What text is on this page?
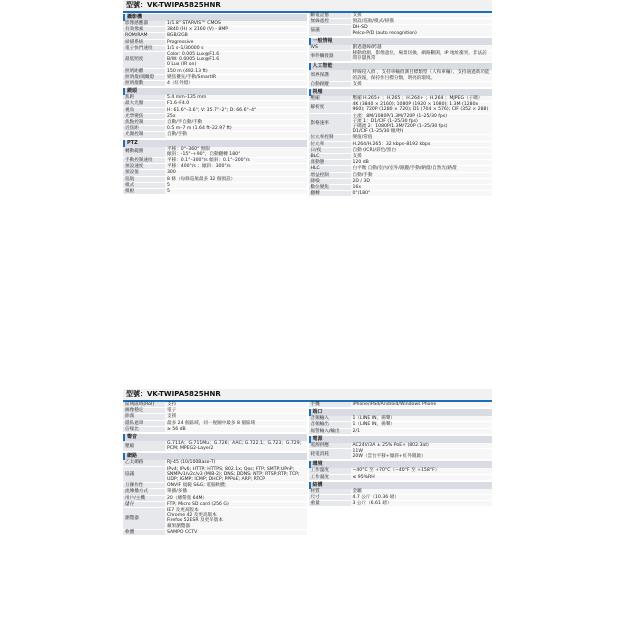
型號：VK-TWIPA5825HNR
攝影機
影像感應器	1/1.8" STARVIS™ CMOS
有效像素	3840 (H) × 2160 (V) - 8MP
ROM/RAM	8GB/2GB
掃描系統	Progressive
電子快門速度	1/1 s–1/30000 s
最低照度
Color: 0.005 Lux@F1.6
B/W: 0.0005 Lux@F1.6
0 Lux (IR on)
照明距離	150 m (492.13 ft)
照明燈/開關燈	變焦優先/手動/SmartIR
照明燈數	4（紅外燈）
鏡頭
焦距	5.4 mm–135 mm
最大光圈	F1.6–F4.0
視角	H: 61.6°–3.6°; V: 35.7°–2°; D: 66.6°–4°
光學變焦	25x
焦點控制	自動/半自動/手動
近焦距	0.5 m–7 m (1.64 ft–22.97 ft)
光圈控制	自動/手動
PTZ
轉動範圍
平移：0°–360° 無限
傾斜：-15°–+90°，自動翻轉 180°
手動控制速度	平移：0.1°–300°/s 傾斜：0.1°–200°/s
預設速度	平移：400°/s ；傾斜：300°/s
預設值	300
巡航	8 條（每條巡航最多 32 個預設）
模式	5
模板	5
斷電記憶	支援
無線遙控	預設/巡航/模式/掃描
協議
DH-SD
Pelco-P/D (auto recognition)
一般情報
IVS	劃過邊線/跨越
事件觸發器
移動偵測，影像遮位，場景切換，網路斷開，IP 地址衝突，非法訪問存儲異常
人工智能
周界保護
絆線侵入偵 ，支持車輛偵測目標類型（人和車輛），支持通過新功能的誤報，保持作目標分類，明亮的環境。
自動跟蹤	支援
視頻
壓縮	壓縮 H.265+ ；H.265 ；H.264+ ；H.264 ；MJPEG（子碼）
解析度
4K (3840 × 2160); 1080P (1920 × 1080); 1.3M (1280x 960); 720P (1280 × 720); D1 (704 × 576); CIF (352 × 288)
影格速率
主流：8M/1080P/1.3M/720P (1–25/30 fps)
子流 1：D1/CIF (1–25/30 fps)
子碼流 2：1080P/1.3M/720P (1–25/30 fps)
D1/CIF (1–25/30 幀/秒)
位元率控制	變值/常值
位元率	H.264/H.265：32 kbps–8192 kbps
日/夜	自動 (ICR)/彩色/黑白
BLC	支援
寬動態	120 dB
HLC	白平衡 自動/室內/室外/跟蹤/手動/鈉燈/自然光/路燈
增益控制	自動/手動
降噪	2D / 3D
數位變焦	16x
翻轉	0°/180°
型號：VK-TWIPA5825HNR
區域區域(RoI)	支持
圖像穩定	電子
除霧	支援
隱私遮罩	最多 24 個區域，同一視圖中最多 8 個區域
信噪比	≥ 56 dB
聲音
壓縮
G.711A；G.711Mu；G.726；AAC; G.722.1；G.723；G.729；PCM; MPEG2-Layer2
網路
乙太網路	RJ-45 (10/100Base-T)
協議
IPv4; IPv6; HTTP; HTTPS; 802.1x; Qos; FTP; SMTP;UPnP; SNMPv1/v2c/v3 (MIB-2); DNS; DDNS; NTP; RTSP;RTP; TCP; UDP; IGMP; ICMP; DHCP; PPPoE; ARP; RTCP
互操作性	ONVIF 規範 S&G; 電腦軟體；
流傳播方式	單播/多播
用戶/主機	20（總帶寬 64M）
儲存	FTP; Micro SD card (256 G)
瀏覽器
IE7 及更高版本
Chrome 42 及更高版本
Firefox 52ESR 及更早版本
蘋果瀏覽器
軟體	SAMPO CCTV
手機	iPhone/iPad/Android/Windows Phone
端口
音頻輸入	1（LINE IN，揚聲）
音頻輸出	1（LINE IN，揚聲）
報警輸入/輸出	2/1
電源
電源供應	AC24V/3A ± 25% PoE+ (802.3at)
耗電消耗
11W
20W（雲台平移+傾斜+紅外開啟）
環境
工作溫度	−40°C 至 +70°C（−40°F 至 +158°F）
工作濕度	≤ 95%RH
結構
材質	金屬
尺寸	4.7 公斤（10.36 磅）
重量	3 公斤（6.61 磅）
